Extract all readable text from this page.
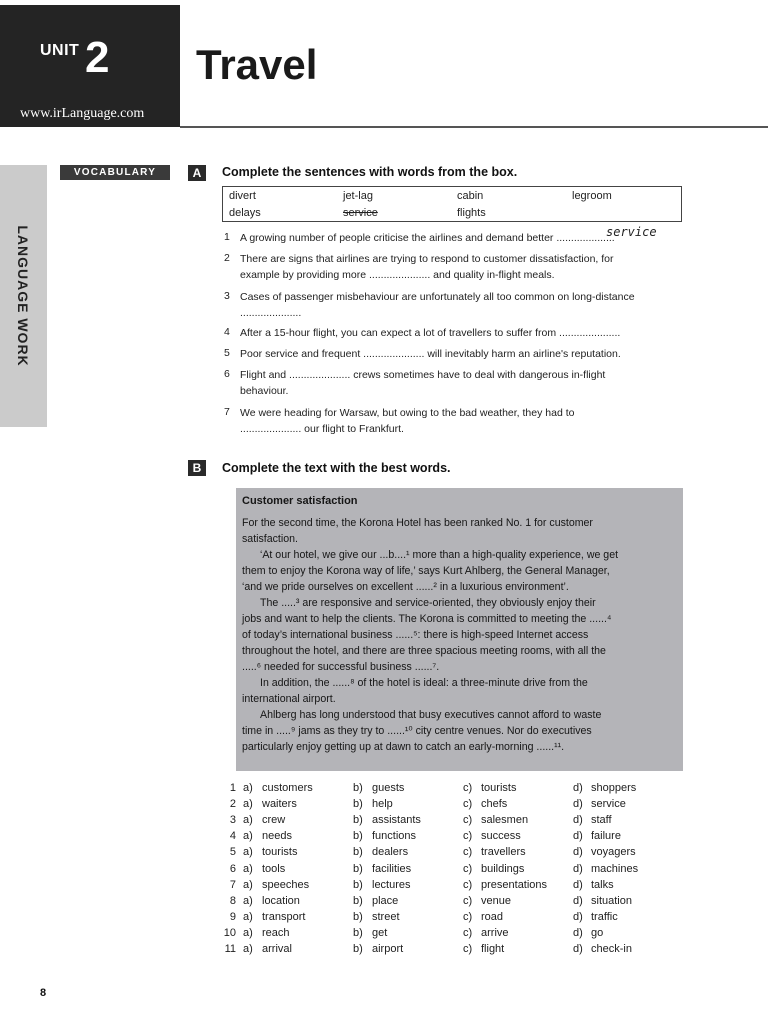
UNIT 2
www.irLanguage.com
Travel
LANGUAGE WORK
VOCABULARY	A	Complete the sentences with words from the box.
divert	jet-lag	cabin	legroom
delays	service	flights
1 A growing number of people criticise the airlines and demand better ....................
service
2 There are signs that airlines are trying to respond to customer dissatisfaction, for
example by providing more ..................... and quality in-flight meals.
3 Cases of passenger misbehaviour are unfortunately all too common on long-distance
.....................
4 After a 15-hour flight, you can expect a lot of travellers to suffer from .....................
5 Poor service and frequent ..................... will inevitably harm an airline's reputation.
6 Flight and ..................... crews sometimes have to deal with dangerous in-flight
behaviour.
7 We were heading for Warsaw, but owing to the bad weather, they had to
..................... our flight to Frankfurt.
B	Complete the text with the best words.
Customer satisfaction
For the second time, the Korona Hotel has been ranked No. 1 for customer
satisfaction.
‘At our hotel, we give our ...b....¹ more than a high-quality experience, we get
them to enjoy the Korona way of life,’ says Kurt Ahlberg, the General Manager,
‘and we pride ourselves on excellent ......² in a luxurious environment’.
The .....³ are responsive and service-oriented, they obviously enjoy their
jobs and want to help the clients. The Korona is committed to meeting the ......⁴
of today’s international business ......⁵: there is high-speed Internet access
throughout the hotel, and there are three spacious meeting rooms, with all the
.....⁶ needed for successful business ......⁷.
In addition, the ......⁸ of the hotel is ideal: a three-minute drive from the
international airport.
Ahlberg has long understood that busy executives cannot afford to waste
time in .....⁹ jams as they try to ......¹⁰ city centre venues. Nor do executives
particularly enjoy getting up at dawn to catch an early-morning ......¹¹.
1 a) customers	b) guests	c) tourists	d) shoppers
2 a) waiters	b) help	c) chefs	d) service
3 a) crew	b) assistants	c) salesmen	d) staff
4 a) needs	b) functions	c) success	d) failure
5 a) tourists	b) dealers	c) travellers	d) voyagers
6 a) tools	b) facilities	c) buildings	d) machines
7 a) speeches	b) lectures	c) presentations d) talks
8 a) location	b) place	c) venue	d) situation
9 a) transport	b) street	c) road	d) traffic
10 a) reach	b) get	c) arrive	d) go
11 a) arrival	b) airport	c) flight	d) check-in
8
